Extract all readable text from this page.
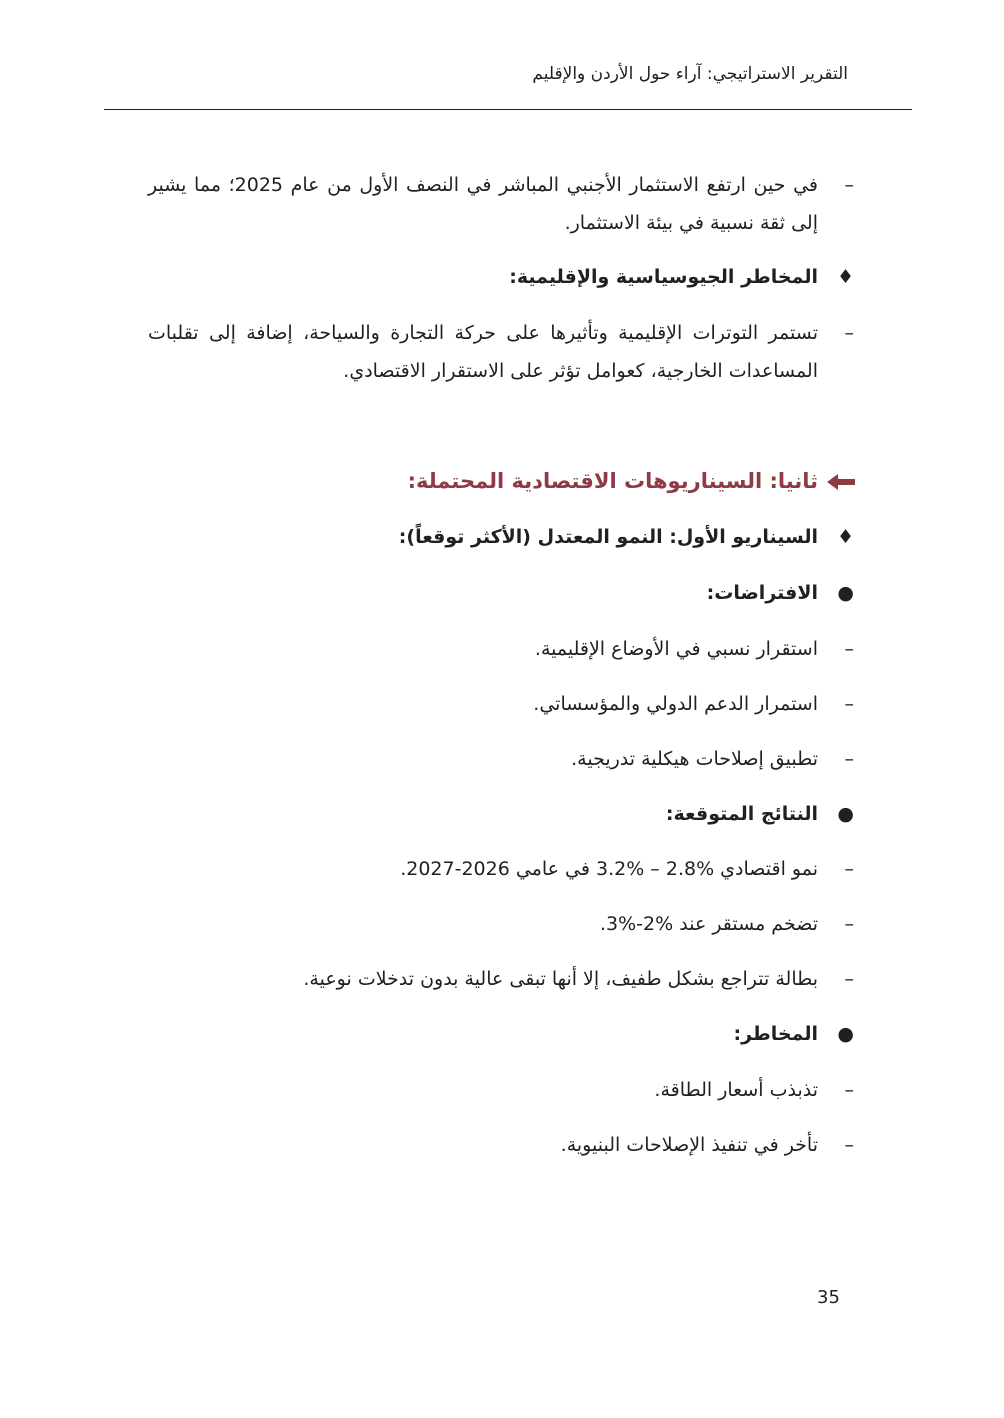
التقرير الاستراتيجي: آراء حول الأردن والإقليم
–
في حين ارتفع الاستثمار الأجنبي المباشر في النصف الأول من عام 2025؛ مما يشير إلى ثقة نسبية في بيئة الاستثمار.
♦
المخاطر الجيوسياسية والإقليمية:
–
تستمر التوترات الإقليمية وتأثيرها على حركة التجارة والسياحة، إضافة إلى تقلبات المساعدات الخارجية، كعوامل تؤثر على الاستقرار الاقتصادي.
ثانيا: السيناريوهات الاقتصادية المحتملة:
♦
السيناريو الأول: النمو المعتدل (الأكثر توقعاً):
●
الافتراضات:
–
استقرار نسبي في الأوضاع الإقليمية.
–
استمرار الدعم الدولي والمؤسساتي.
–
تطبيق إصلاحات هيكلية تدريجية.
●
النتائج المتوقعة:
–
نمو اقتصادي %2.8 – %3.2 في عامي 2026-2027.
–
تضخم مستقر عند %2-%3.
–
بطالة تتراجع بشكل طفيف، إلا أنها تبقى عالية بدون تدخلات نوعية.
●
المخاطر:
–
تذبذب أسعار الطاقة.
–
تأخر في تنفيذ الإصلاحات البنيوية.
35
